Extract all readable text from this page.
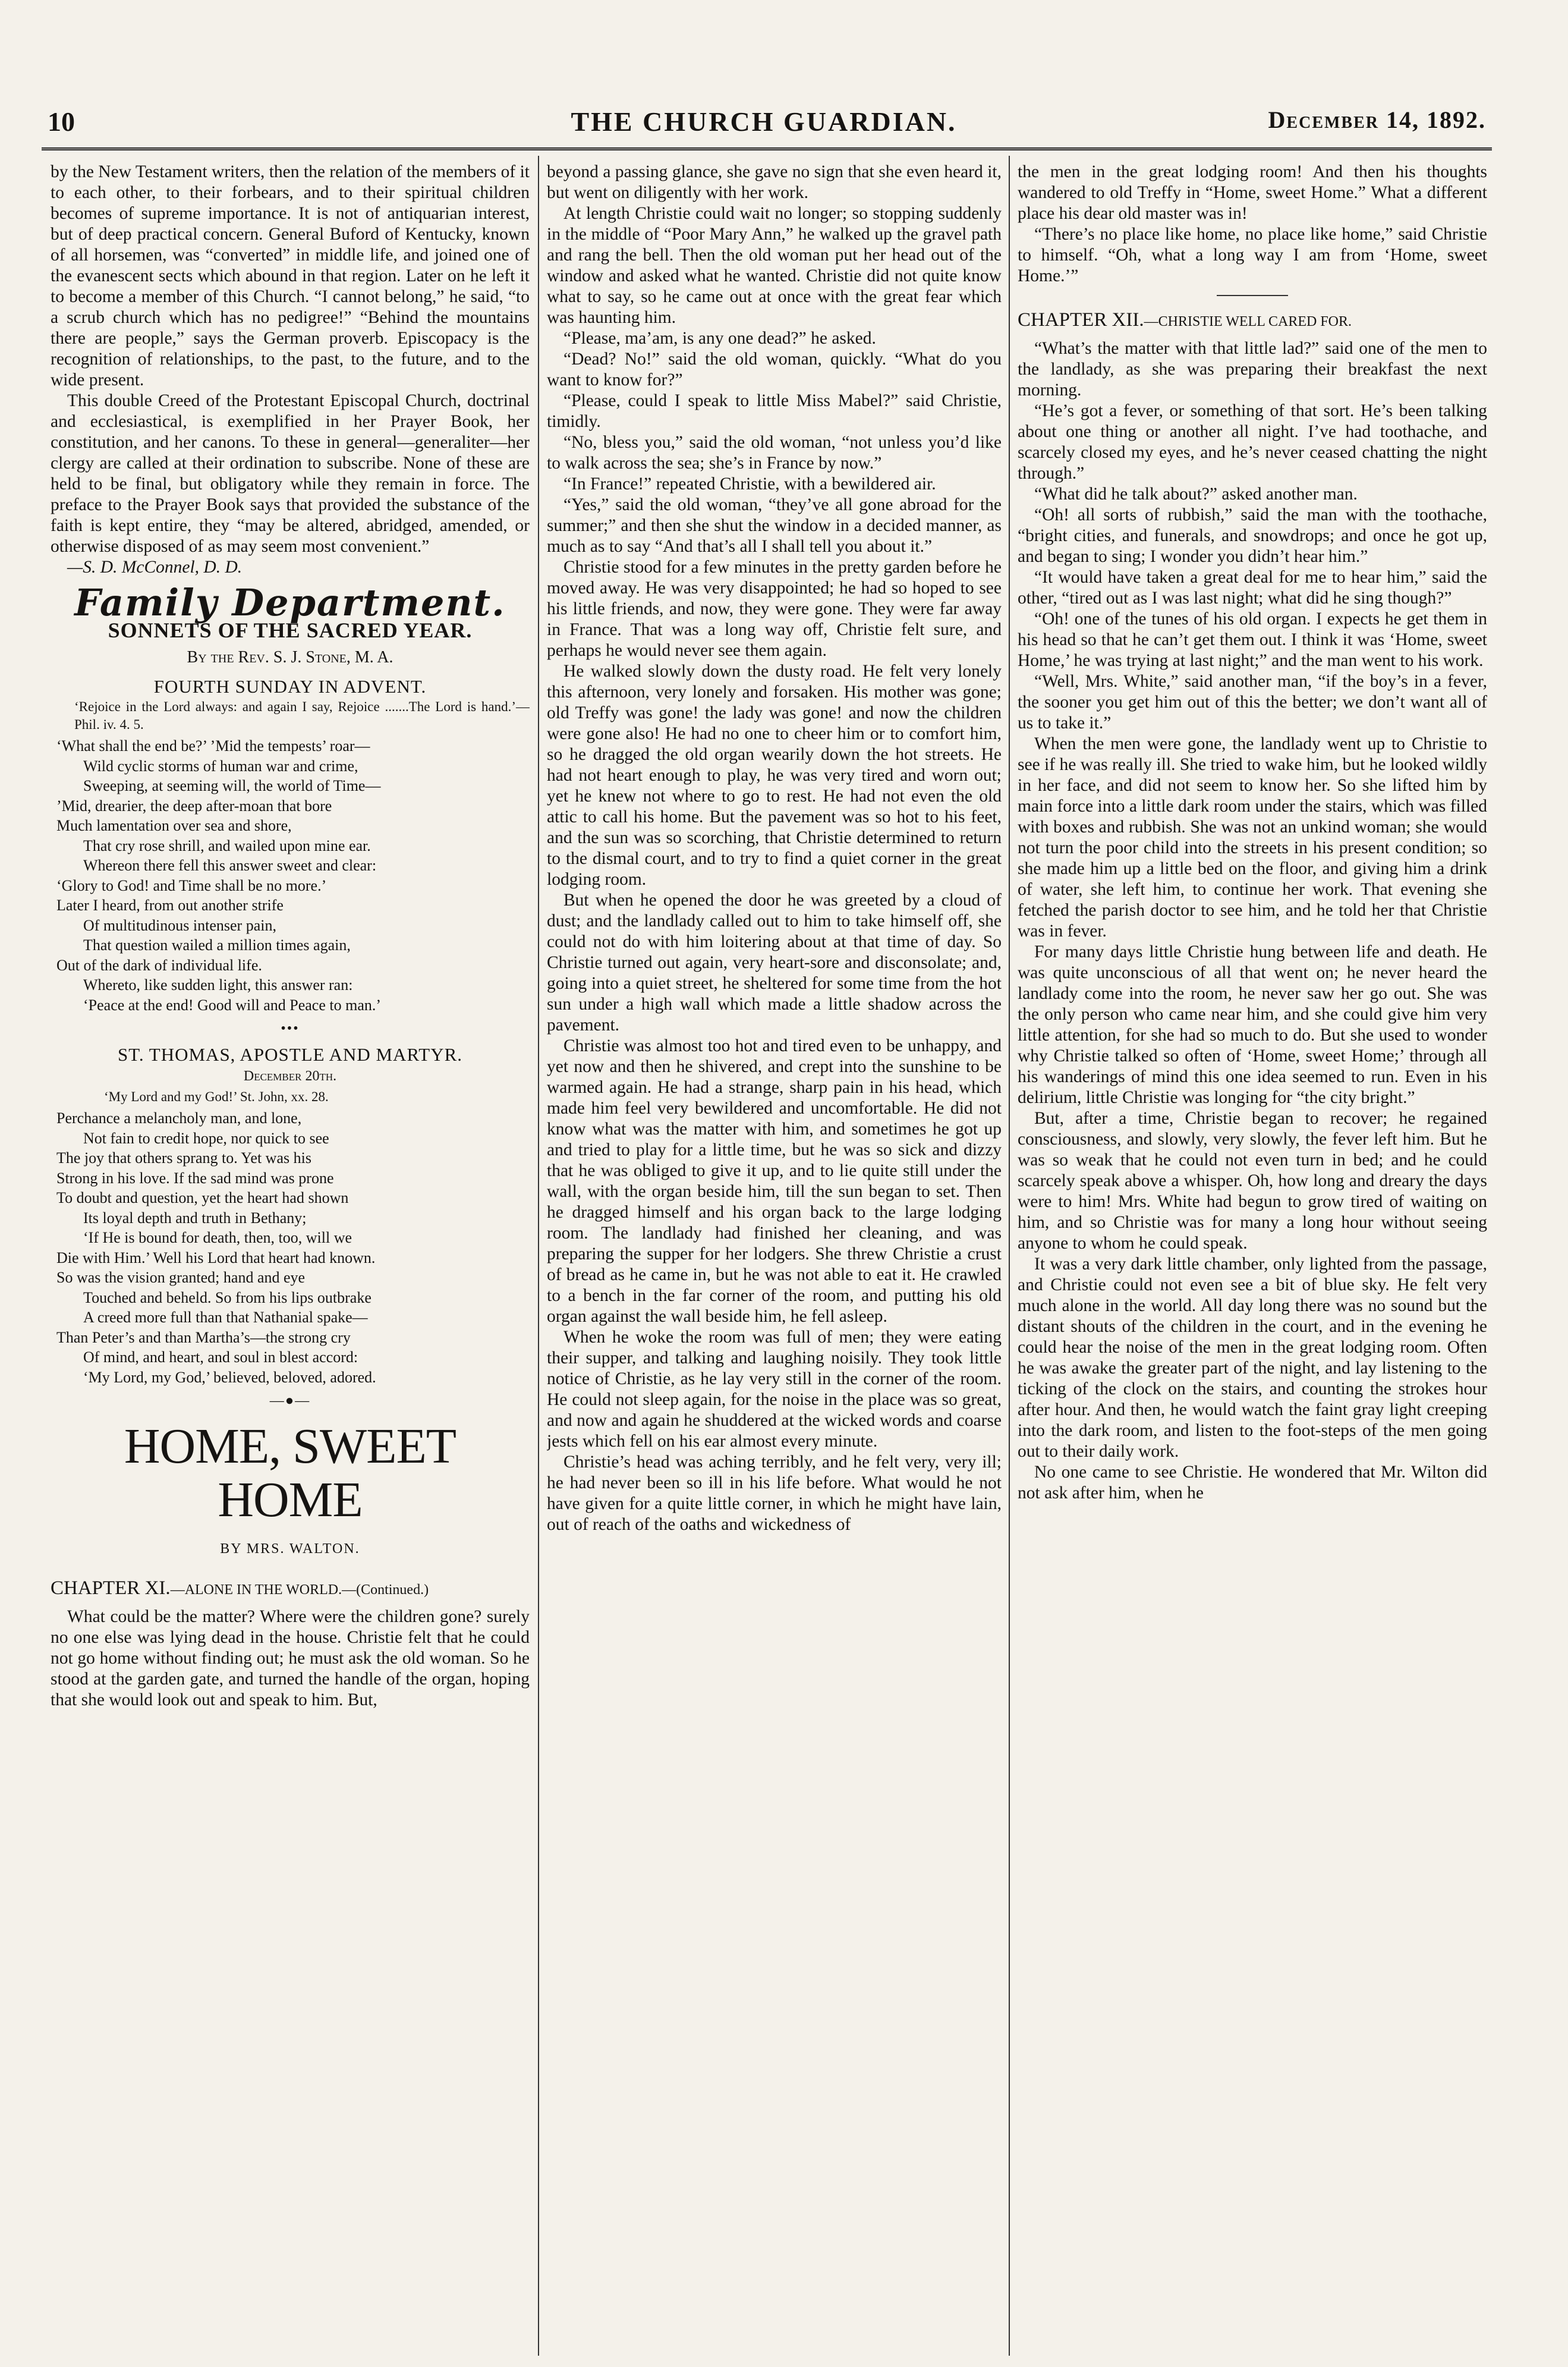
10	THE CHURCH GUARDIAN.	December 14, 1892.

by the New Testament writers, then the relation of the members of it to each other, to their forbears, and to their spiritual children becomes of supreme importance. It is not of antiquarian interest, but of deep practical concern. General Buford of Kentucky, known of all horsemen, was “converted” in middle life, and joined one of the evanescent sects which abound in that region. Later on he left it to become a member of this Church. “I cannot belong,” he said, “to a scrub church which has no pedigree!” “Behind the mountains there are people,” says the German proverb. Episcopacy is the recognition of relationships, to the past, to the future, and to the wide present.

This double Creed of the Protestant Episcopal Church, doctrinal and ecclesiastical, is exemplified in her Prayer Book, her constitution, and her canons. To these in general—generaliter—her clergy are called at their ordination to subscribe. None of these are held to be final, but obligatory while they remain in force. The preface to the Prayer Book says that provided the substance of the faith is kept entire, they “may be altered, abridged, amended, or otherwise disposed of as may seem most convenient.”

—S. D. McConnel, D. D.

Family Department.
SONNETS OF THE SACRED YEAR.
By the Rev. S. J. Stone, M. A.
FOURTH SUNDAY IN ADVENT.
‘Rejoice in the Lord always: and again I say, Rejoice .......The Lord is hand.’—Phil. iv. 4. 5.
‘What shall the end be?’ ’Mid the tempests’ roar—
Wild cyclic storms of human war and crime,
Sweeping, at seeming will, the world of Time—
’Mid, drearier, the deep after-moan that bore
Much lamentation over sea and shore,
That cry rose shrill, and wailed upon mine ear.
Whereon there fell this answer sweet and clear:
‘Glory to God! and Time shall be no more.’
Later I heard, from out another strife
Of multitudinous intenser pain,
That question wailed a million times again,
Out of the dark of individual life.
Whereto, like sudden light, this answer ran:
‘Peace at the end! Good will and Peace to man.’
•••
ST. THOMAS, APOSTLE AND MARTYR.
December 20th.
‘My Lord and my God!’ St. John, xx. 28.
Perchance a melancholy man, and lone,
Not fain to credit hope, nor quick to see
The joy that others sprang to. Yet was his
Strong in his love. If the sad mind was prone
To doubt and question, yet the heart had shown
Its loyal depth and truth in Bethany;
‘If He is bound for death, then, too, will we
Die with Him.’ Well his Lord that heart had known.
So was the vision granted; hand and eye
Touched and beheld. So from his lips outbrake
A creed more full than that Nathanial spake—
Than Peter’s and than Martha’s—the strong cry
Of mind, and heart, and soul in blest accord:
‘My Lord, my God,’ believed, beloved, adored.
—●—
HOME, SWEET HOME
BY MRS. WALTON.
CHAPTER XI.—ALONE IN THE WORLD.—(Continued.)

What could be the matter? Where were the children gone? surely no one else was lying dead in the house. Christie felt that he could not go home without finding out; he must ask the old woman. So he stood at the garden gate, and turned the handle of the organ, hoping that she would look out and speak to him. But,

beyond a passing glance, she gave no sign that she even heard it, but went on diligently with her work.

At length Christie could wait no longer; so stopping suddenly in the middle of “Poor Mary Ann,” he walked up the gravel path and rang the bell. Then the old woman put her head out of the window and asked what he wanted. Christie did not quite know what to say, so he came out at once with the great fear which was haunting him.

“Please, ma’am, is any one dead?” he asked.

“Dead? No!” said the old woman, quickly. “What do you want to know for?”

“Please, could I speak to little Miss Mabel?” said Christie, timidly.

“No, bless you,” said the old woman, “not unless you’d like to walk across the sea; she’s in France by now.”

“In France!” repeated Christie, with a bewildered air.

“Yes,” said the old woman, “they’ve all gone abroad for the summer;” and then she shut the window in a decided manner, as much as to say “And that’s all I shall tell you about it.”

Christie stood for a few minutes in the pretty garden before he moved away. He was very disappointed; he had so hoped to see his little friends, and now, they were gone. They were far away in France. That was a long way off, Christie felt sure, and perhaps he would never see them again.

He walked slowly down the dusty road. He felt very lonely this afternoon, very lonely and forsaken. His mother was gone; old Treffy was gone! the lady was gone! and now the children were gone also! He had no one to cheer him or to comfort him, so he dragged the old organ wearily down the hot streets. He had not heart enough to play, he was very tired and worn out; yet he knew not where to go to rest. He had not even the old attic to call his home. But the pavement was so hot to his feet, and the sun was so scorching, that Christie determined to return to the dismal court, and to try to find a quiet corner in the great lodging room.

But when he opened the door he was greeted by a cloud of dust; and the landlady called out to him to take himself off, she could not do with him loitering about at that time of day. So Christie turned out again, very heart-sore and disconsolate; and, going into a quiet street, he sheltered for some time from the hot sun under a high wall which made a little shadow across the pavement.

Christie was almost too hot and tired even to be unhappy, and yet now and then he shivered, and crept into the sunshine to be warmed again. He had a strange, sharp pain in his head, which made him feel very bewildered and uncomfortable. He did not know what was the matter with him, and sometimes he got up and tried to play for a little time, but he was so sick and dizzy that he was obliged to give it up, and to lie quite still under the wall, with the organ beside him, till the sun began to set. Then he dragged himself and his organ back to the large lodging room. The landlady had finished her cleaning, and was preparing the supper for her lodgers. She threw Christie a crust of bread as he came in, but he was not able to eat it. He crawled to a bench in the far corner of the room, and putting his old organ against the wall beside him, he fell asleep.

When he woke the room was full of men; they were eating their supper, and talking and laughing noisily. They took little notice of Christie, as he lay very still in the corner of the room. He could not sleep again, for the noise in the place was so great, and now and again he shuddered at the wicked words and coarse jests which fell on his ear almost every minute.

Christie’s head was aching terribly, and he felt very, very ill; he had never been so ill in his life before. What would he not have given for a quite little corner, in which he might have lain, out of reach of the oaths and wickedness of

the men in the great lodging room! And then his thoughts wandered to old Treffy in “Home, sweet Home.” What a different place his dear old master was in!

“There’s no place like home, no place like home,” said Christie to himself. “Oh, what a long way I am from ‘Home, sweet Home.’”

CHAPTER XII.—CHRISTIE WELL CARED FOR.

“What’s the matter with that little lad?” said one of the men to the landlady, as she was preparing their breakfast the next morning.

“He’s got a fever, or something of that sort. He’s been talking about one thing or another all night. I’ve had toothache, and scarcely closed my eyes, and he’s never ceased chatting the night through.”

“What did he talk about?” asked another man.

“Oh! all sorts of rubbish,” said the man with the toothache, “bright cities, and funerals, and snowdrops; and once he got up, and began to sing; I wonder you didn’t hear him.”

“It would have taken a great deal for me to hear him,” said the other, “tired out as I was last night; what did he sing though?”

“Oh! one of the tunes of his old organ. I expects he get them in his head so that he can’t get them out. I think it was ‘Home, sweet Home,’ he was trying at last night;” and the man went to his work.

“Well, Mrs. White,” said another man, “if the boy’s in a fever, the sooner you get him out of this the better; we don’t want all of us to take it.”

When the men were gone, the landlady went up to Christie to see if he was really ill. She tried to wake him, but he looked wildly in her face, and did not seem to know her. So she lifted him by main force into a little dark room under the stairs, which was filled with boxes and rubbish. She was not an unkind woman; she would not turn the poor child into the streets in his present condition; so she made him up a little bed on the floor, and giving him a drink of water, she left him, to continue her work. That evening she fetched the parish doctor to see him, and he told her that Christie was in fever.

For many days little Christie hung between life and death. He was quite unconscious of all that went on; he never heard the landlady come into the room, he never saw her go out. She was the only person who came near him, and she could give him very little attention, for she had so much to do. But she used to wonder why Christie talked so often of ‘Home, sweet Home;’ through all his wanderings of mind this one idea seemed to run. Even in his delirium, little Christie was longing for “the city bright.”

But, after a time, Christie began to recover; he regained consciousness, and slowly, very slowly, the fever left him. But he was so weak that he could not even turn in bed; and he could scarcely speak above a whisper. Oh, how long and dreary the days were to him! Mrs. White had begun to grow tired of waiting on him, and so Christie was for many a long hour without seeing anyone to whom he could speak.

It was a very dark little chamber, only lighted from the passage, and Christie could not even see a bit of blue sky. He felt very much alone in the world. All day long there was no sound but the distant shouts of the children in the court, and in the evening he could hear the noise of the men in the great lodging room. Often he was awake the greater part of the night, and lay listening to the ticking of the clock on the stairs, and counting the strokes hour after hour. And then, he would watch the faint gray light creeping into the dark room, and listen to the foot-steps of the men going out to their daily work.

No one came to see Christie. He wondered that Mr. Wilton did not ask after him, when he
